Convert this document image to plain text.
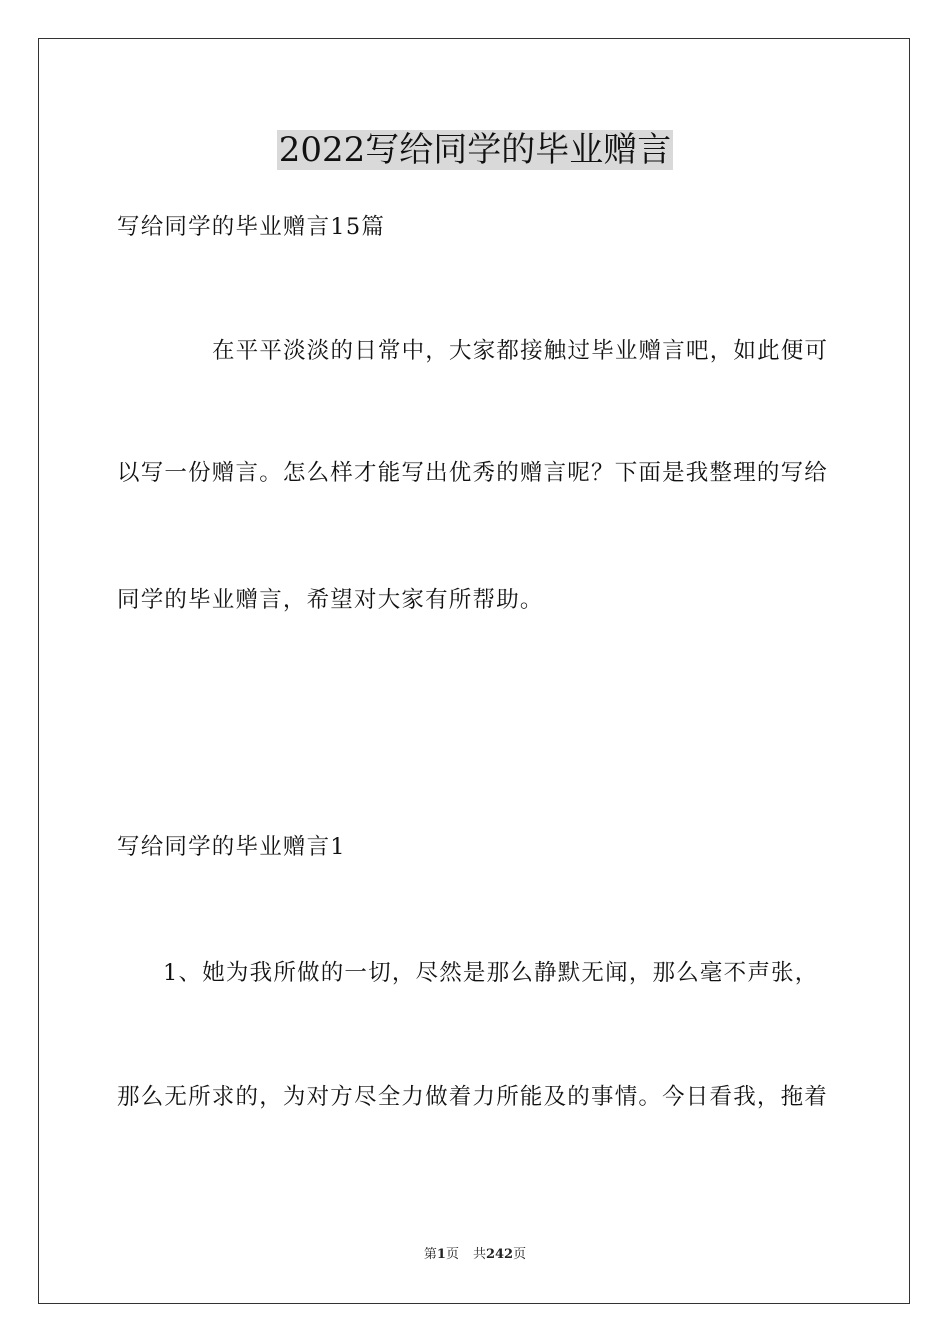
2022写给同学的毕业赠言
写给同学的毕业赠言15篇
在平平淡淡的日常中，大家都接触过毕业赠言吧，如此便可
以写一份赠言。怎么样才能写出优秀的赠言呢？下面是我整理的写给
同学的毕业赠言，希望对大家有所帮助。
写给同学的毕业赠言1
1、她为我所做的一切，尽然是那么静默无闻，那么毫不声张，
那么无所求的，为对方尽全力做着力所能及的事情。今日看我，拖着
第1页 共242页
